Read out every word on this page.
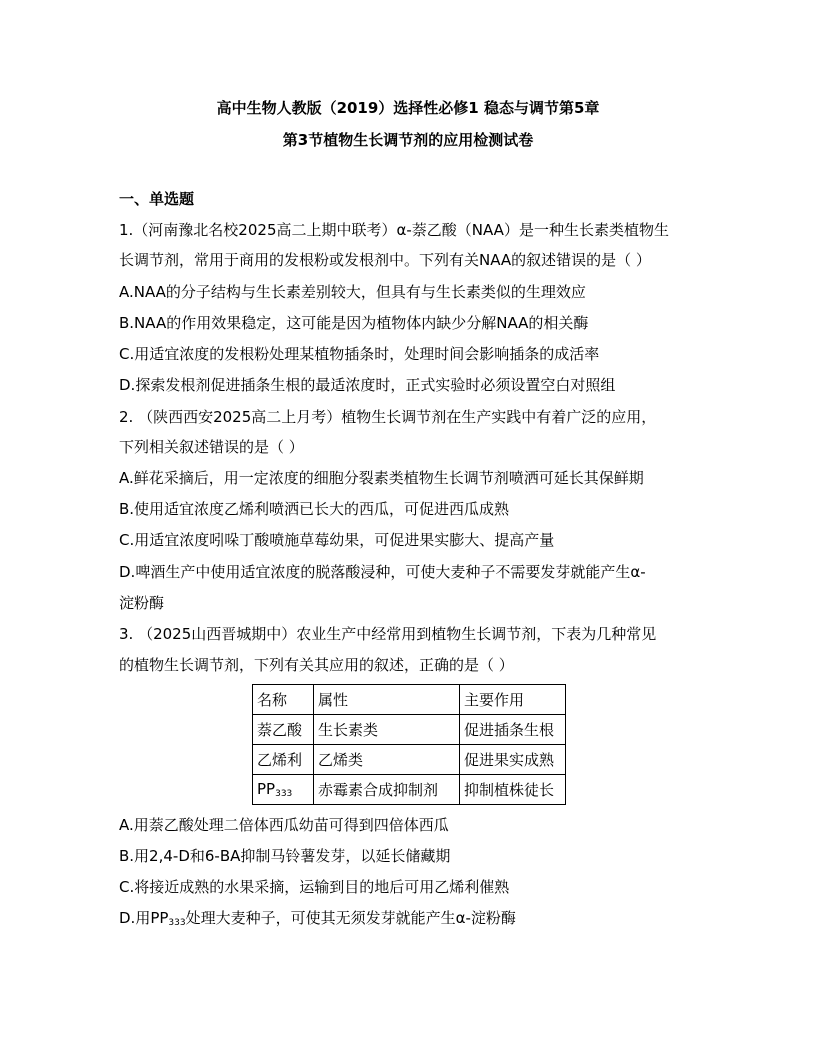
高中生物人教版（2019）选择性必修1 稳态与调节第5章
第3节植物生长调节剂的应用检测试卷
一、单选题
1.（河南豫北名校2025高二上期中联考）α-萘乙酸（NAA）是一种生长素类植物生
长调节剂，常用于商用的发根粉或发根剂中。下列有关NAA的叙述错误的是（ ）
A.NAA的分子结构与生长素差别较大，但具有与生长素类似的生理效应
B.NAA的作用效果稳定，这可能是因为植物体内缺少分解NAA的相关酶
C.用适宜浓度的发根粉处理某植物插条时，处理时间会影响插条的成活率
D.探索发根剂促进插条生根的最适浓度时，正式实验时必须设置空白对照组
2. （陕西西安2025高二上月考）植物生长调节剂在生产实践中有着广泛的应用，
下列相关叙述错误的是（ ）
A.鲜花采摘后，用一定浓度的细胞分裂素类植物生长调节剂喷洒可延长其保鲜期
B.使用适宜浓度乙烯利喷洒已长大的西瓜，可促进西瓜成熟
C.用适宜浓度吲哚丁酸喷施草莓幼果，可促进果实膨大、提高产量
D.啤酒生产中使用适宜浓度的脱落酸浸种，可使大麦种子不需要发芽就能产生α-
淀粉酶
3. （2025山西晋城期中）农业生产中经常用到植物生长调节剂，下表为几种常见
的植物生长调节剂，下列有关其应用的叙述，正确的是（ ）
名称	属性	主要作用
萘乙酸	生长素类	促进插条生根
乙烯利	乙烯类	促进果实成熟
$PP_{333}$	赤霉素合成抑制剂	抑制植株徒长
A.用萘乙酸处理二倍体西瓜幼苗可得到四倍体西瓜
B.用2,4-D和6-BA抑制马铃薯发芽，以延长储藏期
C.将接近成熟的水果采摘，运输到目的地后可用乙烯利催熟
D.用$PP_{333}$处理大麦种子，可使其无须发芽就能产生α-淀粉酶
